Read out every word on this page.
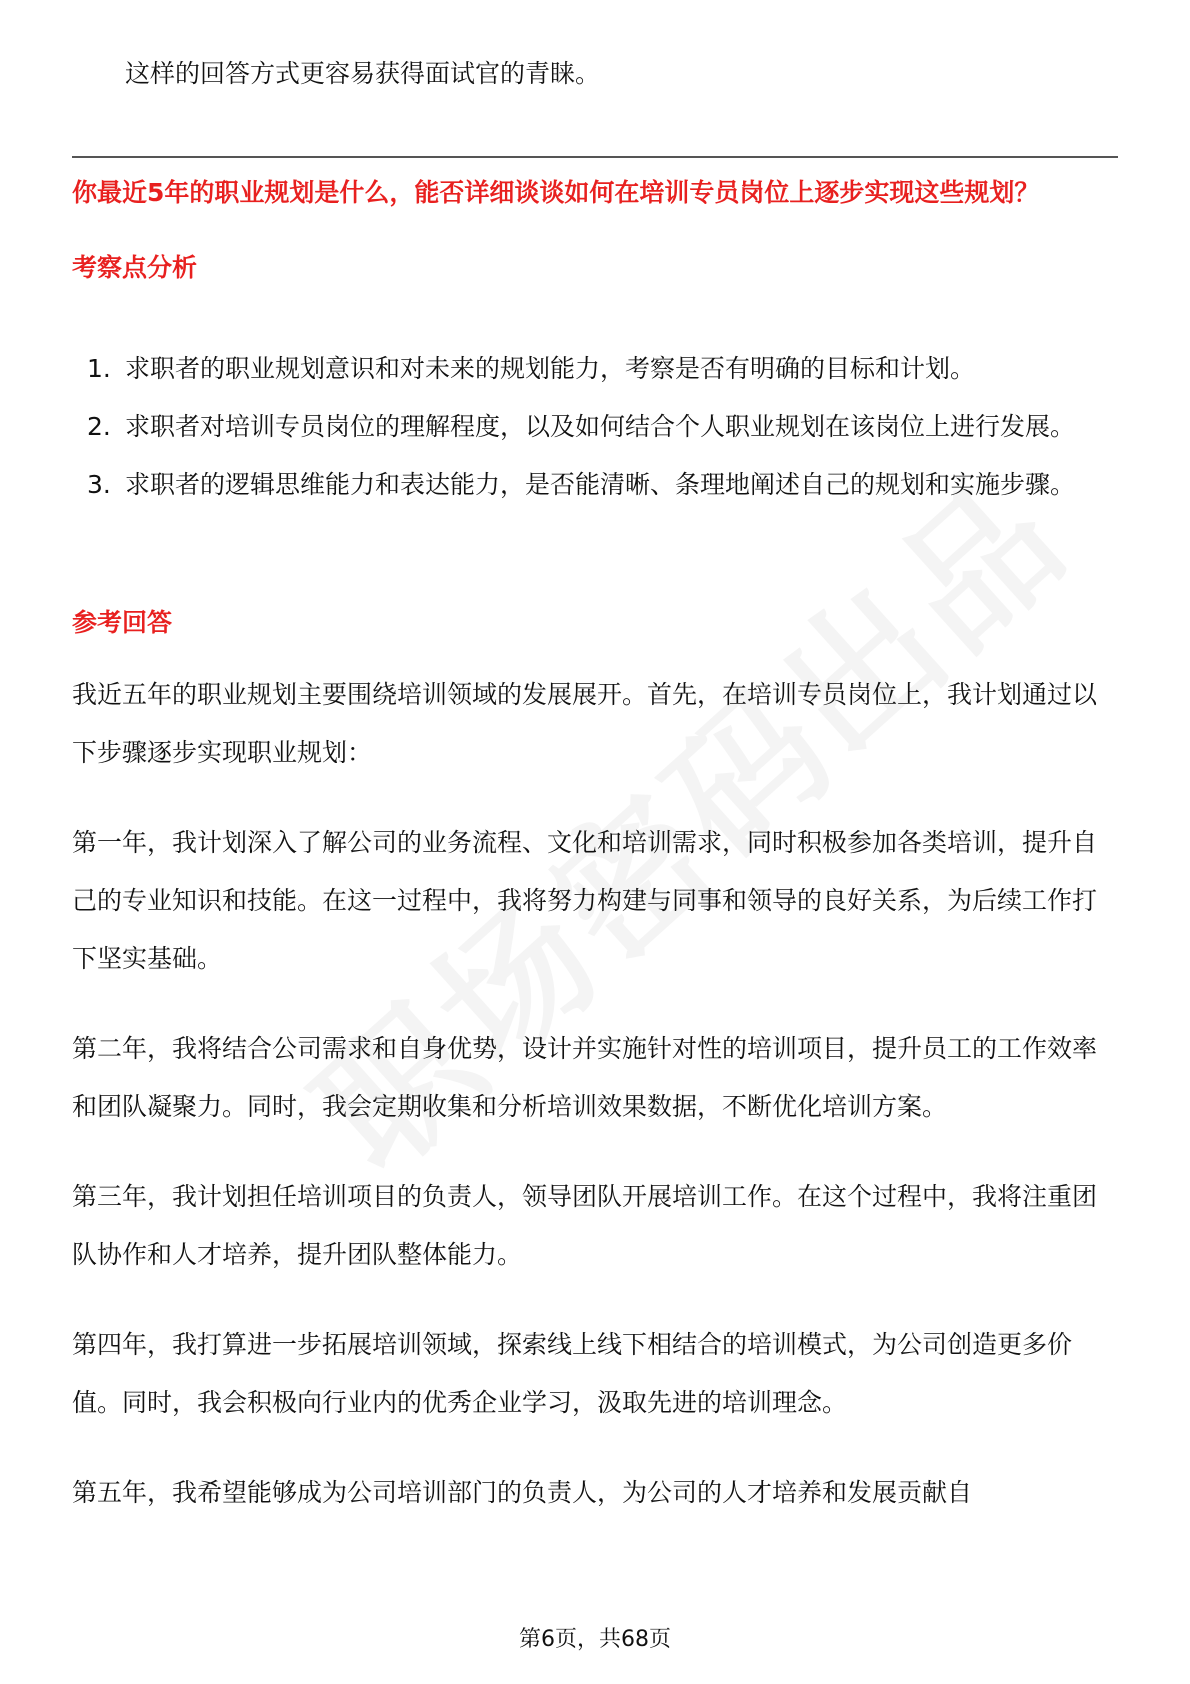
这样的回答方式更容易获得面试官的青睐。
你最近5年的职业规划是什么，能否详细谈谈如何在培训专员岗位上逐步实现这些规划？
考察点分析
1. 求职者的职业规划意识和对未来的规划能力，考察是否有明确的目标和计划。
2. 求职者对培训专员岗位的理解程度，以及如何结合个人职业规划在该岗位上进行发展。
3. 求职者的逻辑思维能力和表达能力，是否能清晰、条理地阐述自己的规划和实施步骤。
参考回答

我近五年的职业规划主要围绕培训领域的发展展开。首先，在培训专员岗位上，我计划通过以下步骤逐步实现职业规划：

第一年，我计划深入了解公司的业务流程、文化和培训需求，同时积极参加各类培训，提升自己的专业知识和技能。在这一过程中，我将努力构建与同事和领导的良好关系，为后续工作打下坚实基础。

第二年，我将结合公司需求和自身优势，设计并实施针对性的培训项目，提升员工的工作效率和团队凝聚力。同时，我会定期收集和分析培训效果数据，不断优化培训方案。

第三年，我计划担任培训项目的负责人，领导团队开展培训工作。在这个过程中，我将注重团队协作和人才培养，提升团队整体能力。

第四年，我打算进一步拓展培训领域，探索线上线下相结合的培训模式，为公司创造更多价值。同时，我会积极向行业内的优秀企业学习，汲取先进的培训理念。

第五年，我希望能够成为公司培训部门的负责人，为公司的人才培养和发展贡献自

第6页，共68页
